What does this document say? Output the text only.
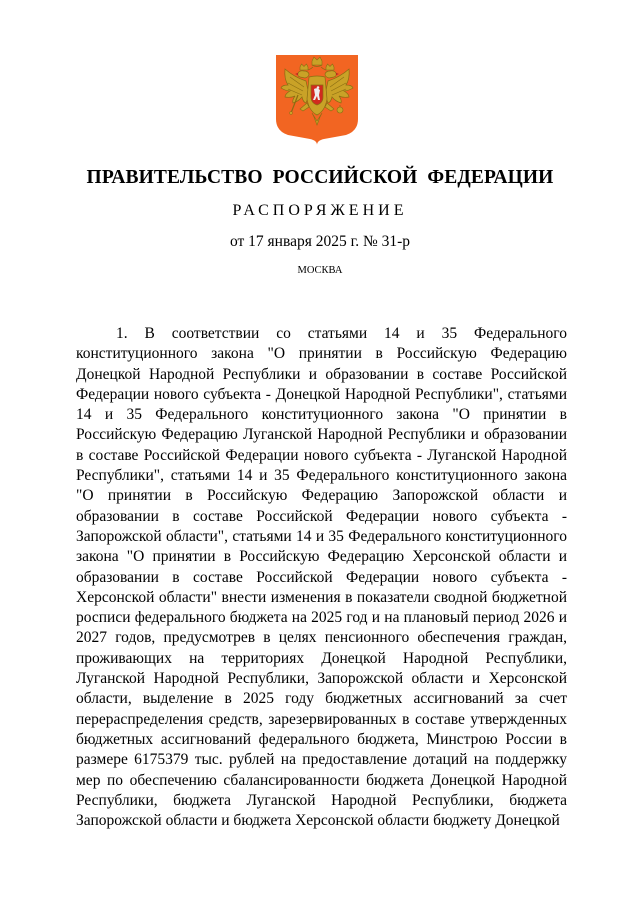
ПРАВИТЕЛЬСТВО РОССИЙСКОЙ ФЕДЕРАЦИИ
РАСПОРЯЖЕНИЕ
от 17 января 2025 г. № 31-р
МОСКВА

1. В соответствии со статьями 14 и 35 Федерального конституционного закона "О принятии в Российскую Федерацию Донецкой Народной Республики и образовании в составе Российской Федерации нового субъекта - Донецкой Народной Республики", статьями 14 и 35 Федерального конституционного закона "О принятии в Российскую Федерацию Луганской Народной Республики и образовании в составе Российской Федерации нового субъекта - Луганской Народной Республики", статьями 14 и 35 Федерального конституционного закона "О принятии в Российскую Федерацию Запорожской области и образовании в составе Российской Федерации нового субъекта - Запорожской области", статьями 14 и 35 Федерального конституционного закона "О принятии в Российскую Федерацию Херсонской области и образовании в составе Российской Федерации нового субъекта - Херсонской области" внести изменения в показатели сводной бюджетной росписи федерального бюджета на 2025 год и на плановый период 2026 и 2027 годов, предусмотрев в целях пенсионного обеспечения граждан, проживающих на территориях Донецкой Народной Республики, Луганской Народной Республики, Запорожской области и Херсонской области, выделение в 2025 году бюджетных ассигнований за счет перераспределения средств, зарезервированных в составе утвержденных бюджетных ассигнований федерального бюджета, Минстрою России в размере 6175379 тыс. рублей на предоставление дотаций на поддержку мер по обеспечению сбалансированности бюджета Донецкой Народной Республики, бюджета Луганской Народной Республики, бюджета Запорожской области и бюджета Херсонской области бюджету Донецкой
